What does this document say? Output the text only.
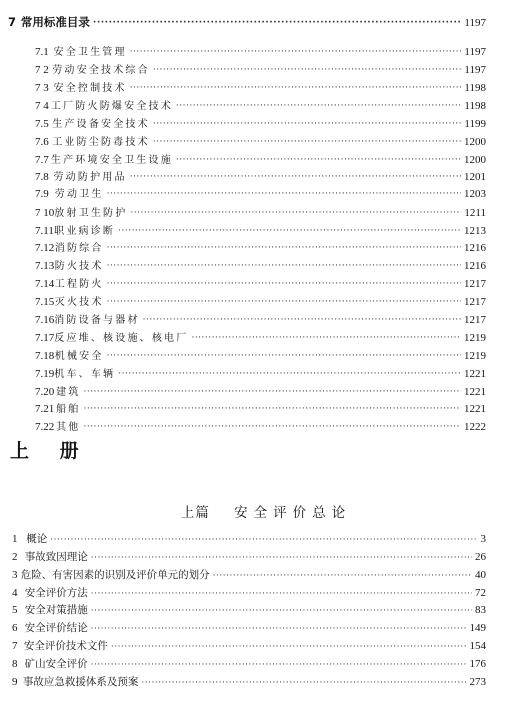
7 常用标准目录 ·····	1197
7.1 安全卫生管理 ·····	1197
7 2 劳动安全技术综合 ·····	1197
7 3 安全控制技术 ·····	1198
7 4 工厂防火防爆安全技术 ·····	1198
7.5 生产设备安全技术 ·····	1199
7.6 工业防尘防毒技术 ·····	1200
7.7 生产环境安全卫生设施 ·····	1200
7.8 劳动防护用品 ·····	1201
7.9 劳动卫生 ·····	1203
7 10 放射卫生防护 ·····	1211
7.11 职业病诊断 ·····	1213
7.12 消防综合 ·····	1216
7.13 防火技术 ·····	1216
7.14 工程防火 ·····	1217
7.15 灭火技术 ·····	1217
7.16 消防设备与器材 ·····	1217
7.17 反应堆、核设施、核电厂 ·····	1219
7.18 机械安全 ·····	1219
7.19 机车、车辆 ·····	1221
7.20 建筑 ·····	1221
7.21 船舶 ·····	1221
7.22 其他 ·····	1222
上 册
上篇 安全评价总论
1 概论 ·····	3
2 事故致因理论 ·····	26
3 危险、有害因素的识别及评价单元的划分 ·····	40
4 安全评价方法 ·····	72
5 安全对策措施 ·····	83
6 安全评价结论 ·····	149
7 安全评价技术文件 ·····	154
8 矿山安全评价 ·····	176
9 事故应急救援体系及预案 ·····	273
